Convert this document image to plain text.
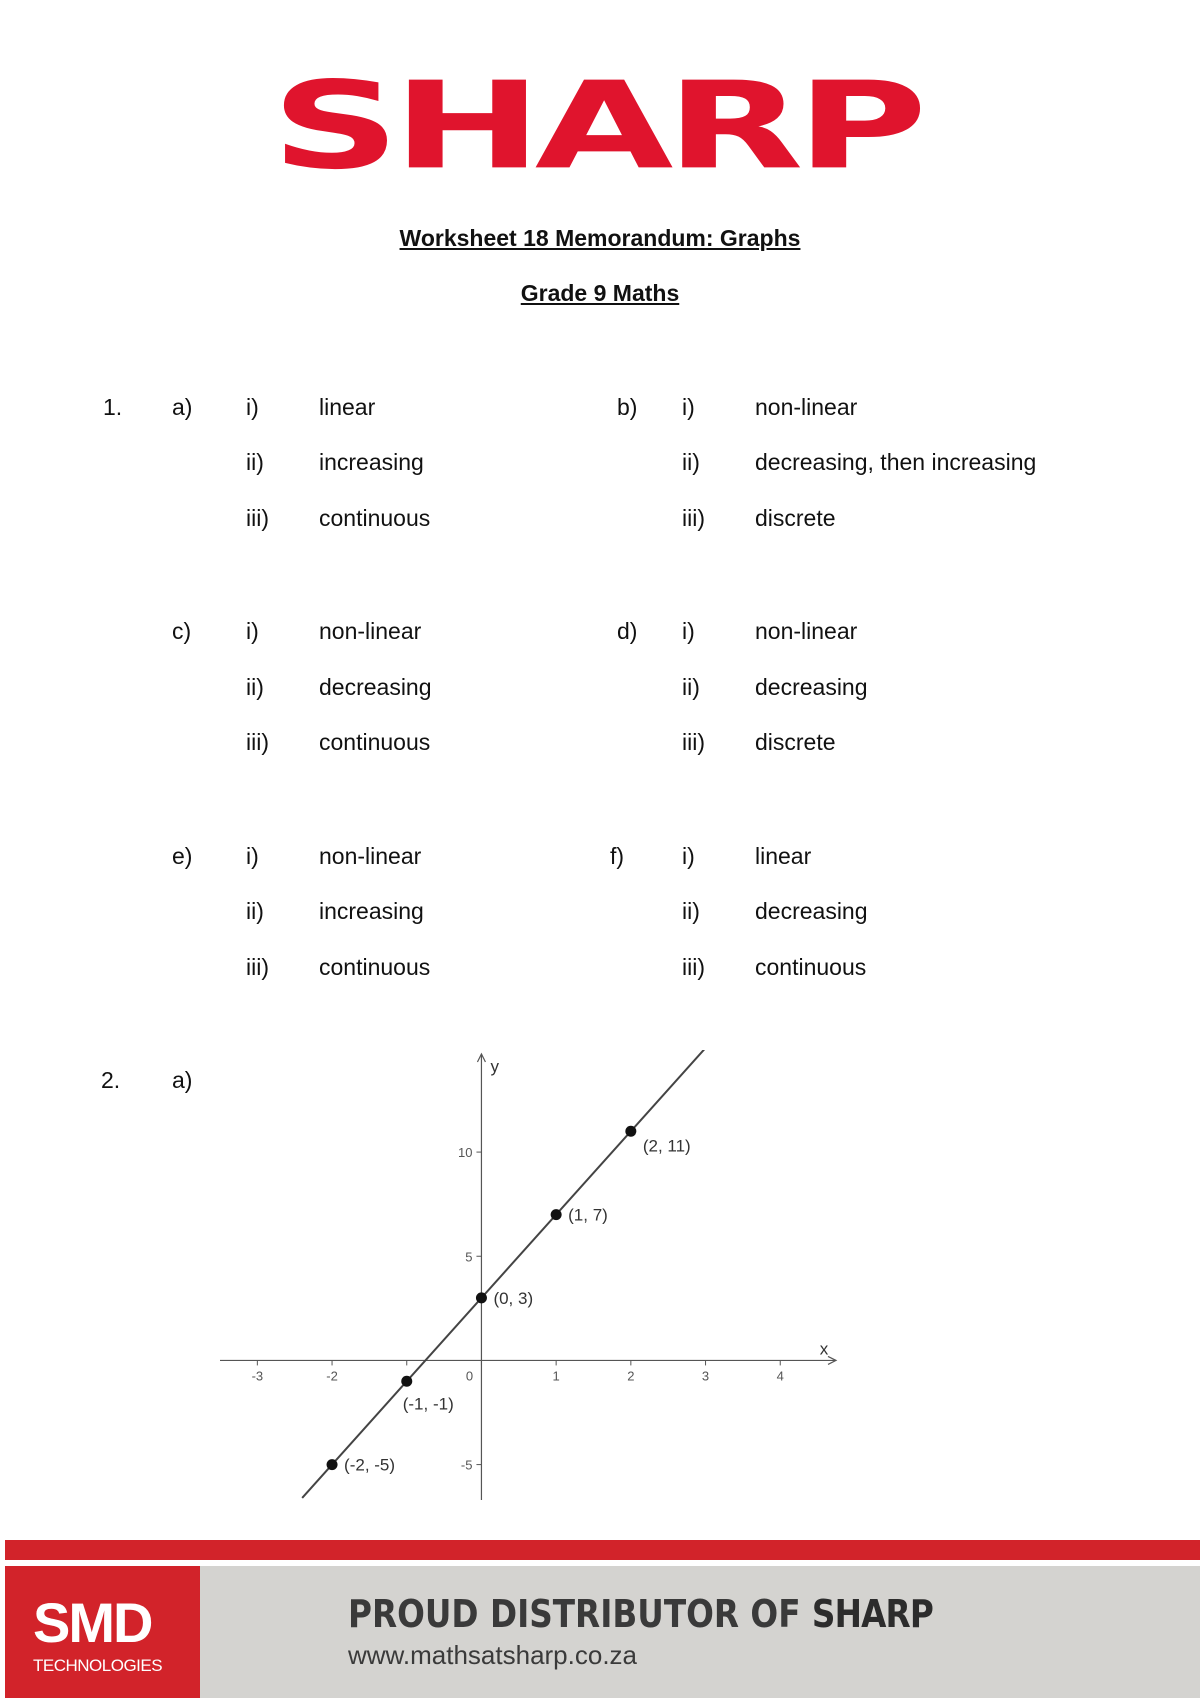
SHARP
Worksheet 18 Memorandum: Graphs
Grade 9 Maths
1. a) i)	linear
ii) increasing
iii) continuous
b) i)	non-linear
ii) decreasing, then increasing
iii) discrete
c) i)	non-linear
ii) decreasing
iii) continuous
d) i)	non-linear
ii) decreasing
iii) discrete
e) i)	non-linear
ii) increasing
iii) continuous
f)	i)	linear
ii) decreasing
iii) continuous
2. a)
x
y
-3	-2	0	1	2	3	4
-5
5
10
(-2, -5)
(-1, -1)
(0, 3)
(1, 7)
(2, 11)
SMD
TECHNOLOGIES
PROUD DISTRIBUTOR OF SHARP
www.mathsatsharp.co.za
